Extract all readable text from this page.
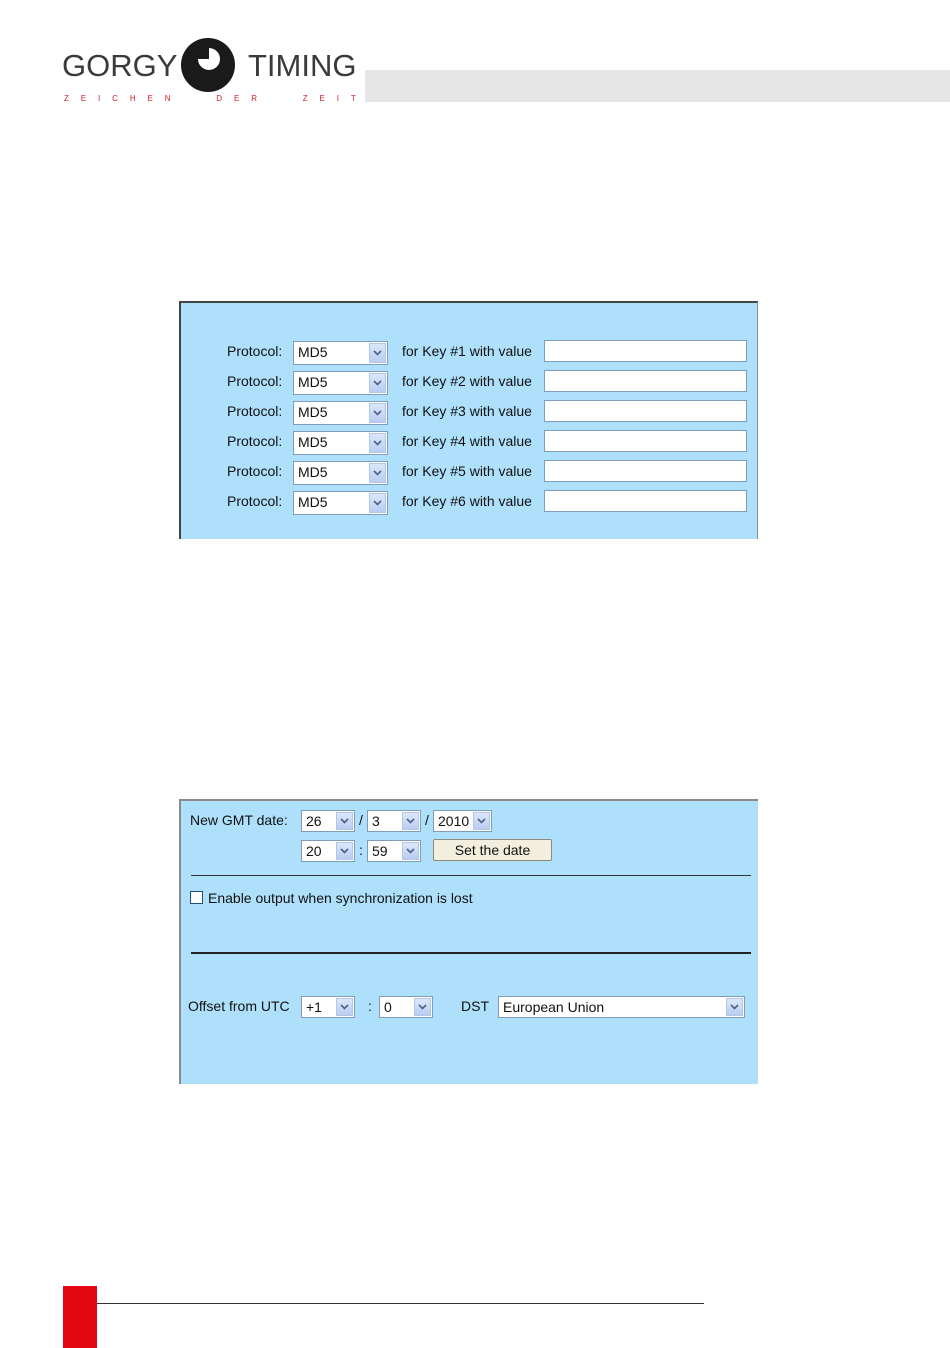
GORGY TIMING
Z E I C H E N	D E R	Z E I T
Protocol: MD5	for Key #1 with value
Protocol: MD5	for Key #2 with value
Protocol: MD5	for Key #3 with value
Protocol: MD5	for Key #4 with value
Protocol: MD5	for Key #5 with value
Protocol: MD5	for Key #6 with value
New GMT date: 26	/ 3	/ 2010
20	: 59	Set the date
Enable output when synchronization is lost
Offset from UTC +1	: 0	DST European Union
